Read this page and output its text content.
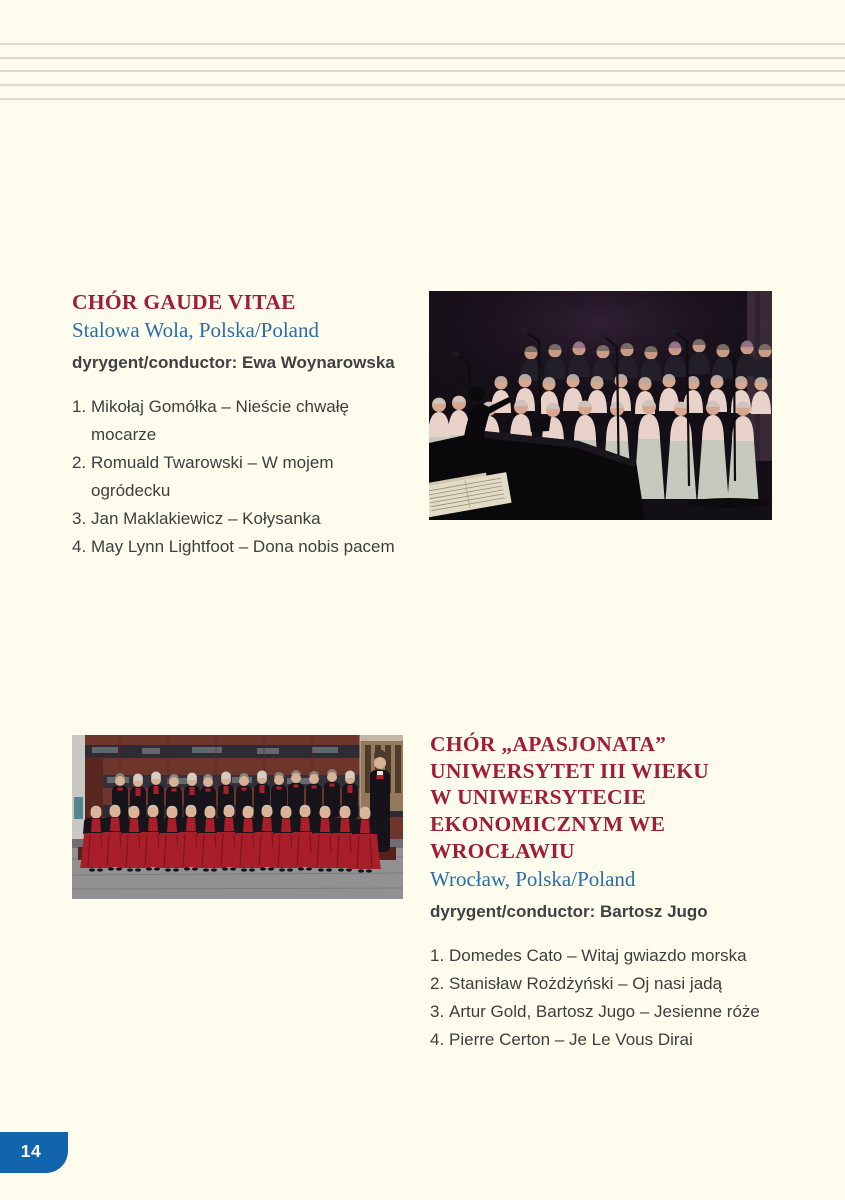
CHÓR GAUDE VITAE
Stalowa Wola, Polska/Poland
dyrygent/conductor: Ewa Woynarowska
1. Mikołaj Gomółka – Nieście chwałę
mocarze
2. Romuald Twarowski – W mojem
ogródecku
3. Jan Maklakiewicz – Kołysanka
4. May Lynn Lightfoot – Dona nobis pacem
CHÓR „APASJONATA”
UNIWERSYTET III WIEKU
W UNIWERSYTECIE
EKONOMICZNYM WE
WROCŁAWIU
Wrocław, Polska/Poland
dyrygent/conductor: Bartosz Jugo
1. Domedes Cato – Witaj gwiazdo morska
2. Stanisław Rożdżyński – Oj nasi jadą
3. Artur Gold, Bartosz Jugo – Jesienne róże
4. Pierre Certon – Je Le Vous Dirai
14
